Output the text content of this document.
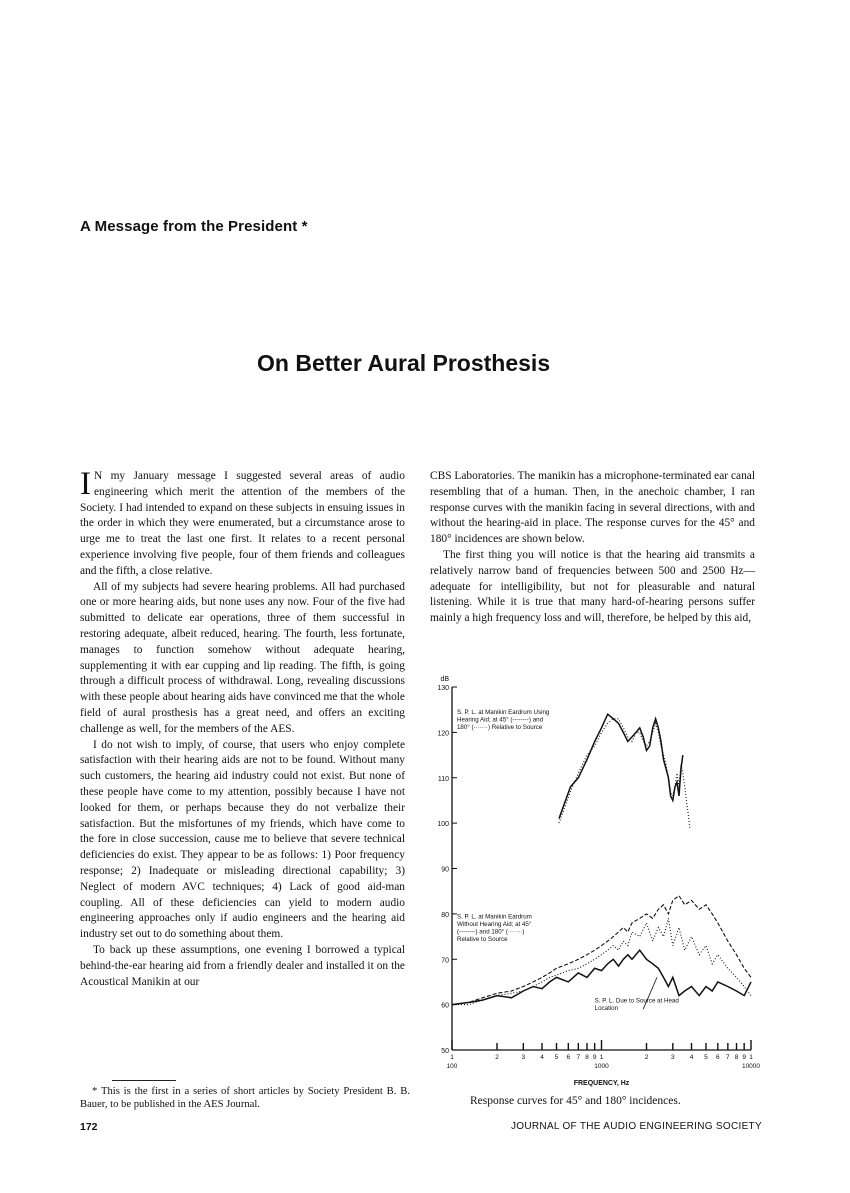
A Message from the President *
On Better Aural Prosthesis

I N my January message I suggested several areas of audio engineering which merit the attention of the members of the Society. I had intended to expand on these subjects in ensuing issues in the order in which they were enumerated, but a circumstance arose to urge me to treat the last one first. It relates to a recent personal experience involving five people, four of them friends and colleagues and the fifth, a close relative.

All of my subjects had severe hearing problems. All had purchased one or more hearing aids, but none uses any now. Four of the five had submitted to delicate ear operations, three of them successful in restoring adequate, albeit reduced, hearing. The fourth, less fortunate, manages to function somehow without adequate hearing, supplementing it with ear cupping and lip reading. The fifth, is going through a difficult process of withdrawal. Long, revealing discussions with these people about hearing aids have convinced me that the whole field of aural prosthesis has a great need, and offers an exciting challenge as well, for the members of the AES.

I do not wish to imply, of course, that users who enjoy complete satisfaction with their hearing aids are not to be found. Without many such customers, the hearing aid industry could not exist. But none of these people have come to my attention, possibly because I have not looked for them, or perhaps because they do not verbalize their satisfaction. But the misfortunes of my friends, which have come to the fore in close succession, cause me to believe that severe technical deficiencies do exist. They appear to be as follows: 1) Poor frequency response; 2) Inadequate or misleading directional capability; 3) Neglect of modern AVC techniques; 4) Lack of good aid-man coupling. All of these deficiencies can yield to modern audio engineering approaches only if audio engineers and the hearing aid industry set out to do something about them.

To back up these assumptions, one evening I borrowed a typical behind-the-ear hearing aid from a friendly dealer and installed it on the Acoustical Manikin at our

CBS Laboratories. The manikin has a microphone-terminated ear canal resembling that of a human. Then, in the anechoic chamber, I ran response curves with the manikin facing in several directions, with and without the hearing-aid in place. The response curves for the 45° and 180° incidences are shown below.

The first thing you will notice is that the hearing aid transmits a relatively narrow band of frequencies between 500 and 2500 Hz—adequate for intelligibility, but not for pleasurable and natural listening. While it is true that many hard-of-hearing persons suffer mainly a high frequency loss and will, therefore, be helped by this aid,

50
60
70
80
90
100
110
120
130
dB
1	2	3 4 5 6 7 8 9 1	2	3 4 5 6 7 8 9 1
100	1000	10000
FREQUENCY, Hz
S. P. L. at Manikin Eardrum Using Hearing Aid; at 45° (--------) and 180° (·······) Relative to Source
S. P. L. at Manikin Eardrum Without Hearing Aid; at 45° (--------) and 180° (·······) Relative to Source
S. P. L. Due to Source at Head Location
Response curves for 45° and 180° incidences.
* This is the first in a series of short articles by Society President B. B. Bauer, to be published in the AES Journal.
172	JOURNAL OF THE AUDIO ENGINEERING SOCIETY
